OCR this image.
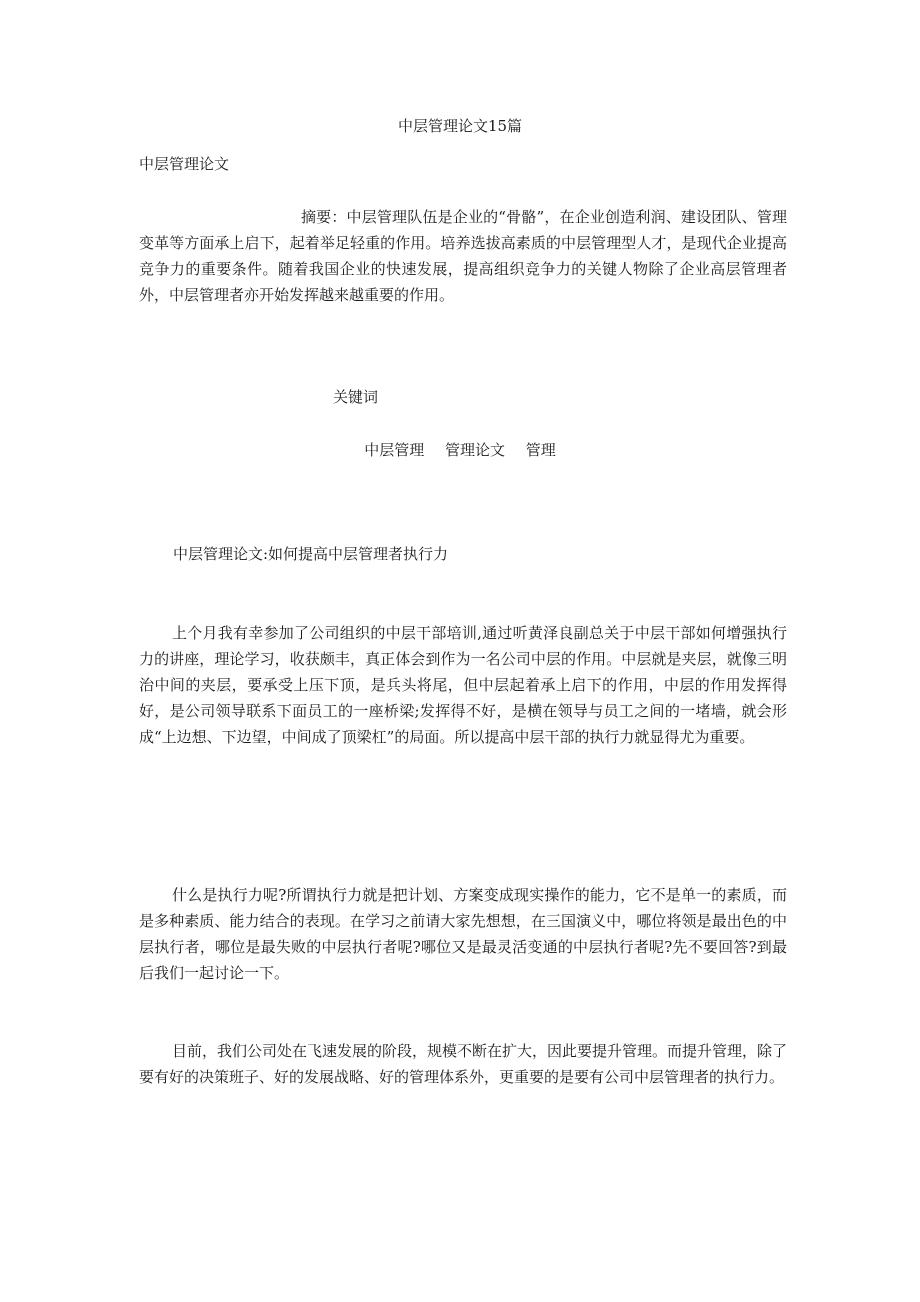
中层管理论文15篇

中层管理论文

摘要：中层管理队伍是企业的“骨骼”，在企业创造利润、建设团队、管理变革等方面承上启下，起着举足轻重的作用。培养选拔高素质的中层管理型人才，是现代企业提高竞争力的重要条件。随着我国企业的快速发展，提高组织竞争力的关键人物除了企业高层管理者外，中层管理者亦开始发挥越来越重要的作用。

关键词

中层管理 管理论文 管理

中层管理论文:如何提高中层管理者执行力

上个月我有幸参加了公司组织的中层干部培训,通过听黄泽良副总关于中层干部如何增强执行力的讲座，理论学习，收获颇丰，真正体会到作为一名公司中层的作用。中层就是夹层，就像三明治中间的夹层，要承受上压下顶，是兵头将尾，但中层起着承上启下的作用，中层的作用发挥得好，是公司领导联系下面员工的一座桥梁;发挥得不好，是横在领导与员工之间的一堵墙，就会形成“上边想、下边望，中间成了顶梁杠”的局面。所以提高中层干部的执行力就显得尤为重要。

什么是执行力呢?所谓执行力就是把计划、方案变成现实操作的能力，它不是单一的素质，而是多种素质、能力结合的表现。在学习之前请大家先想想，在三国演义中，哪位将领是最出色的中层执行者，哪位是最失败的中层执行者呢?哪位又是最灵活变通的中层执行者呢?先不要回答?到最后我们一起讨论一下。

目前，我们公司处在飞速发展的阶段，规模不断在扩大，因此要提升管理。而提升管理，除了要有好的决策班子、好的发展战略、好的管理体系外，更重要的是要有公司中层管理者的执行力。
